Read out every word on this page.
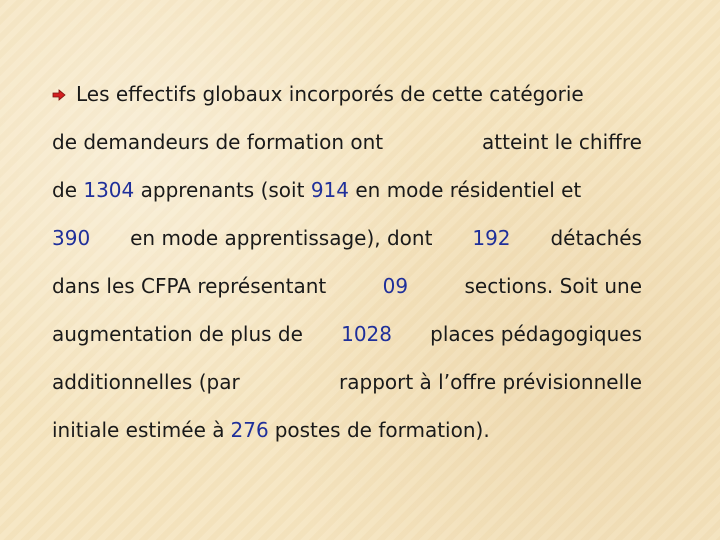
Les effectifs globaux incorporés de cette catégorie
de demandeurs de formation ont	atteint le chiffre
de 1304 apprenants (soit 914 en mode résidentiel et
390 en mode apprentissage), dont 192 détachés
dans les CFPA représentant	09	sections. Soit une
augmentation de plus de 1028 places pédagogiques
additionnelles (par	rapport à l’offre prévisionnelle
initiale estimée à 276 postes de formation).
